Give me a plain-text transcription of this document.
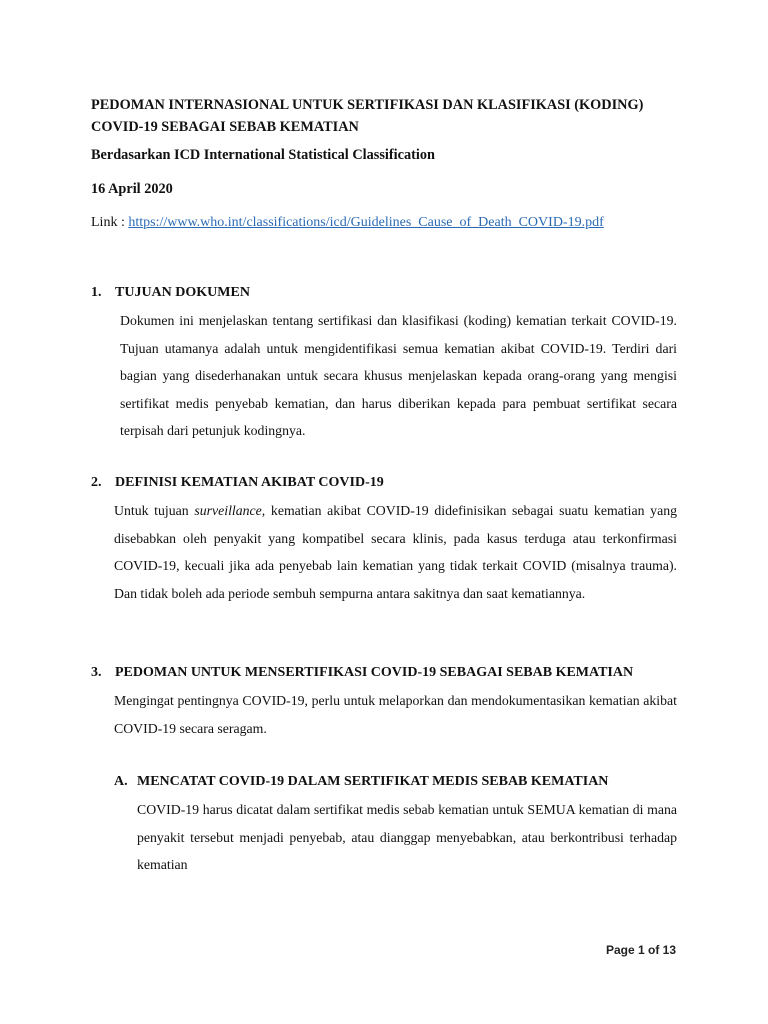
PEDOMAN INTERNASIONAL UNTUK SERTIFIKASI DAN KLASIFIKASI (KODING) COVID-19 SEBAGAI SEBAB KEMATIAN
Berdasarkan ICD International Statistical Classification
16 April 2020
Link : https://www.who.int/classifications/icd/Guidelines_Cause_of_Death_COVID-19.pdf
1. TUJUAN DOKUMEN
Dokumen ini menjelaskan tentang sertifikasi dan klasifikasi (koding) kematian terkait COVID-19. Tujuan utamanya adalah untuk mengidentifikasi semua kematian akibat COVID-19. Terdiri dari bagian yang disederhanakan untuk secara khusus menjelaskan kepada orang-orang yang mengisi sertifikat medis penyebab kematian, dan harus diberikan kepada para pembuat sertifikat secara terpisah dari petunjuk kodingnya.
2. DEFINISI KEMATIAN AKIBAT COVID-19
Untuk tujuan surveillance, kematian akibat COVID-19 didefinisikan sebagai suatu kematian yang disebabkan oleh penyakit yang kompatibel secara klinis, pada kasus terduga atau terkonfirmasi COVID-19, kecuali jika ada penyebab lain kematian yang tidak terkait COVID (misalnya trauma). Dan tidak boleh ada periode sembuh sempurna antara sakitnya dan saat kematiannya.
3. PEDOMAN UNTUK MENSERTIFIKASI COVID-19 SEBAGAI SEBAB KEMATIAN
Mengingat pentingnya COVID-19, perlu untuk melaporkan dan mendokumentasikan kematian akibat COVID-19 secara seragam.
A. MENCATAT COVID-19 DALAM SERTIFIKAT MEDIS SEBAB KEMATIAN
COVID-19 harus dicatat dalam sertifikat medis sebab kematian untuk SEMUA kematian di mana penyakit tersebut menjadi penyebab, atau dianggap menyebabkan, atau berkontribusi terhadap kematian
Page 1 of 13
